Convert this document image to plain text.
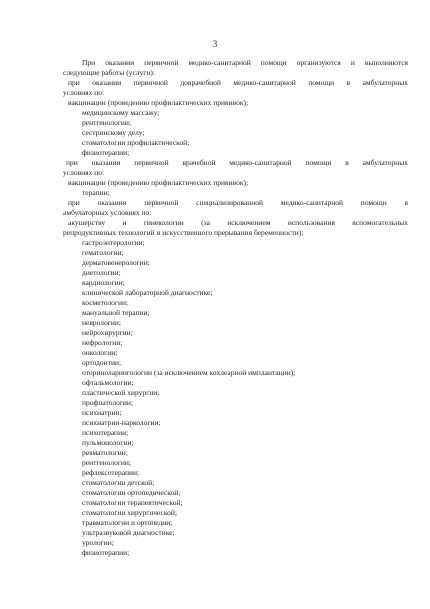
3
При оказании первичной медико-санитарной помощи организуются и выполняются
следующие работы (услуги):
при оказании первичной доврачебной медико-санитарной помощи в амбулаторных
условиях по:
вакцинации (проведению профилактических прививок);
медицинскому массажу;
рентгенологии;
сестринскому делу;
стоматологии профилактической;
физиотерапии;
при оказании первичной врачебной медико-санитарной помощи в амбулаторных
условиях по:
вакцинации (проведению профилактических прививок);
терапии;
при оказании первичной специализированной медико-санитарной помощи в
амбулаторных условиях по:
акушерству и гинекологии (за исключением использования вспомогательных
репродуктивных технологий и искусственного прерывания беременности);
гастроэнтерологии;
гематологии;
дерматовенерологии;
диетологии;
кардиологии;
клинической лабораторной диагностике;
косметологии;
мануальной терапии;
неврологии;
нейрохирургии;
нефрологии;
онкологии;
ортодонтии;
оториноларингологии (за исключением кохлеарной имплантации);
офтальмологии;
пластической хирургии;
профпатологии;
психиатрии;
психиатрии-наркологии;
психотерапии;
пульмонологии;
ревматологии;
рентгенологии;
рефлексотерапии;
стоматологии детской;
стоматологии ортопедической;
стоматологии терапевтической;
стоматологии хирургической;
травматологии и ортопедии;
ультразвуковой диагностике;
урологии;
физиотерапии;
